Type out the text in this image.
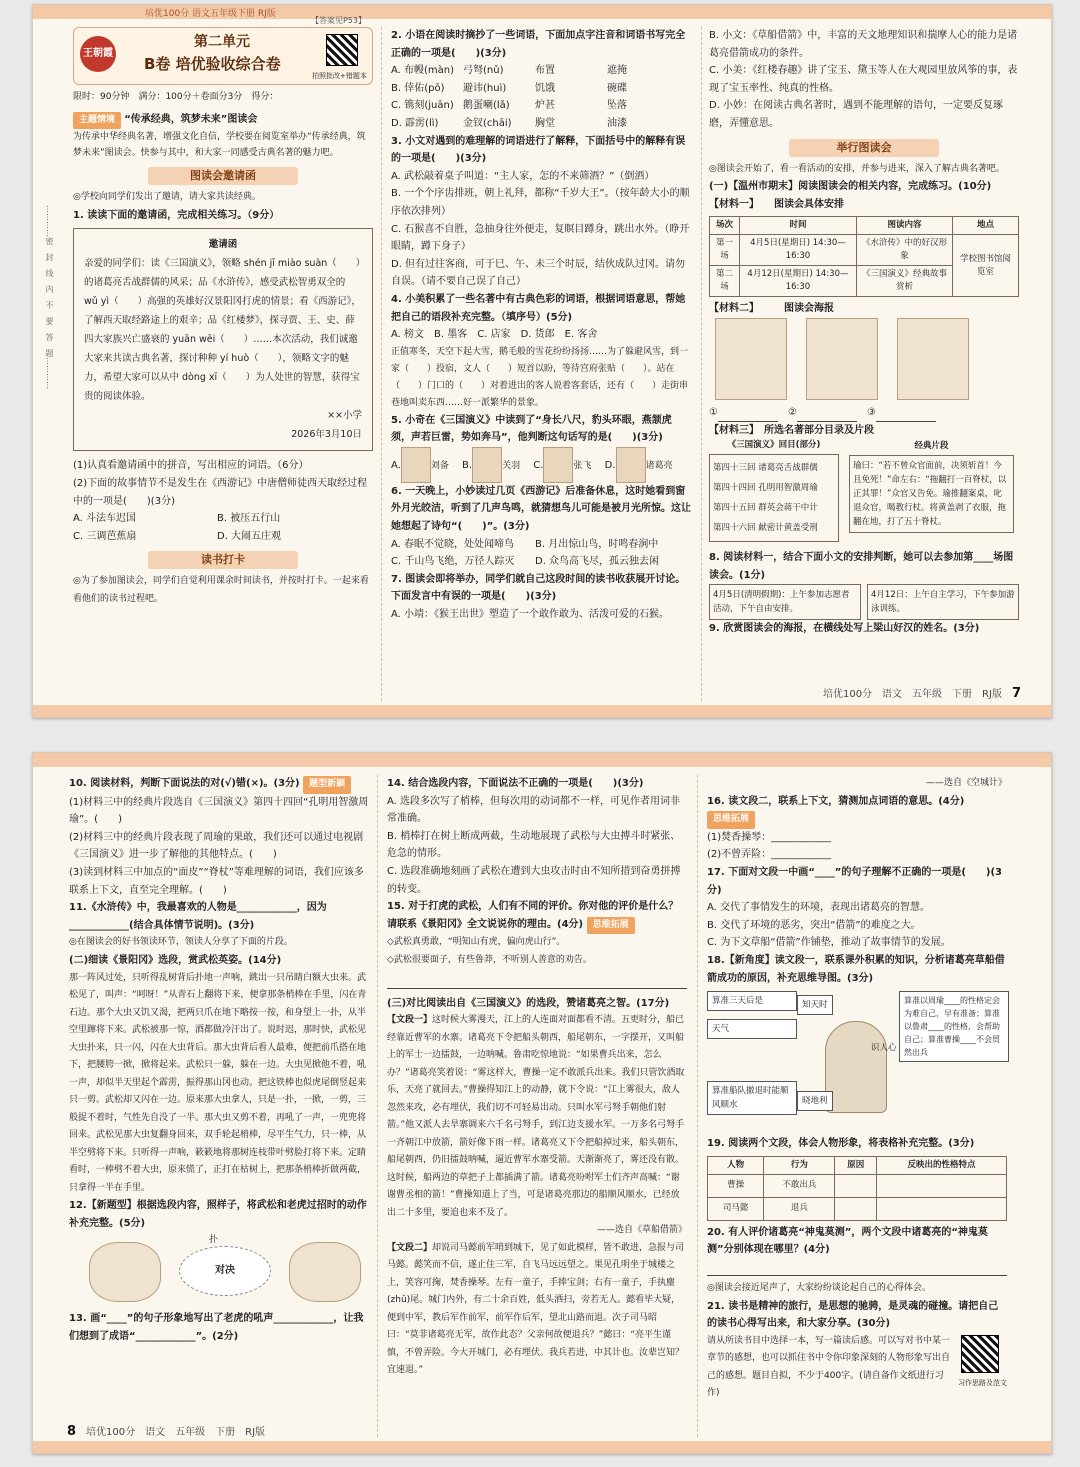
培优100分 语文五年级下册 RJ版
…………密　封　线　内　不　要　答　题…………
【答案见P53】
王朝霞
第二单元
B卷 培优验收综合卷
拍照批改+错题本

限时：90分钟　满分：100分＋卷面分3分　得分：

主题情境 “传承经典，筑梦未来”图读会

为传承中华经典名著，增强文化自信，学校要在阅览室举办“传承经典，筑梦未来”图读会。快参与其中，和大家一同感受古典名著的魅力吧。

图读会邀请函

◎学校向同学们发出了邀请，请大家共读经典。

1. 读读下面的邀请函，完成相关练习。（9分）

邀请函
亲爱的同学们：读《三国演义》，领略 shén jī miào suàn（　　）的诸葛亮舌战群儒的风采；品《水浒传》，感受武松智勇双全的 wǔ yì（　　）高强的英雄好汉景阳冈打虎的情景；看《西游记》，了解西天取经路途上的艰辛；品《红楼梦》，探寻贾、王、史、薛四大家族兴亡盛衰的 yuān wēi（　　）……本次活动，我们诚邀大家来共读古典名著，探讨种种 yí huò（　　），领略文字的魅力，希望大家可以从中 dòng xī（　　）为人处世的智慧，获得宝贵的阅读体验。
××小学
2026年3月10日

(1)认真看邀请函中的拼音，写出相应的词语。（6分）

(2)下面的故事情节不是发生在《西游记》中唐僧师徒西天取经过程中的一项是(　　)(3分)

A. 斗法车迟国	B. 被压五行山 C. 三调芭蕉扇	D. 大闹五庄观

读书打卡

◎为了参加图读会，同学们自觉利用课余时间读书，并按时打卡。一起来看看他们的读书过程吧。

2. 小语在阅读时摘抄了一些词语，下面加点字注音和词语书写完全正确的一项是(　　)(3分)

A. 布幔(màn) 弓弩(nǔ)	布置	遮掩

B. 倖佑(pō) 避讳(huì)	饥饿	碗碟

C. 镌刻(juān) 鹅蛋喇(lǎ)	炉甚	坠落

D. 霹雳(lì) 金钗(chāi) 胸堂	油漆

3. 小文对遇到的难理解的词语进行了解释，下面括号中的解释有误的一项是(　　)(3分)

A. 武松敲着桌子叫道：“主人家，怎的不来筛酒？”（倒酒）

B. 一个个序齿排班，朝上礼拜，都称“千岁大王”。（按年龄大小的顺序依次排列）

C. 石猴喜不自胜，急抽身往外便走，复瞑目蹲身，跳出水外。（睁开眼睛，蹲下身子）

D. 但有过往客商，可于巳、午、未三个时辰，结伙成队过冈。请勿自误。（请不要自己误了自己）

4. 小美积累了一些名著中有古典色彩的词语，根据词语意思，帮她把自己的语段补充完整。（填序号）(5分)

A. 榜文　 B. 墨客　 C. 店家　 D. 货郎　 E. 客舍

正值寒冬，天空下起大雪，鹅毛般的雪花纷纷扬扬……为了躲避风雪，到一家（　　）投宿，文人（　　）短首以盼，等待宫府张贴（　　）。站在（　　）门口的（　　）对着进出的客人说着客套话，还有（　　）走街串巷地叫卖东西……好一派繁华的景象。

5. 小奇在《三国演义》中读到了“身长八尺，豹头环眼，燕颔虎须，声若巨雷，势如奔马”，他判断这句话写的是(　　)(3分)

A.	刘备　 B.	关羽　 C.	张飞　 D.	诸葛亮

6. 一天晚上，小妙读过几页《西游记》后准备休息，这时她看到窗外月光皎洁，听到了几声鸟鸣，就猜想鸟儿可能是被月光所惊。这让她想起了诗句“(　　)”。(3分)

A. 春眠不觉晓，处处闻啼鸟 B. 月出惊山鸟，时鸣春涧中

C. 千山鸟飞绝，万径人踪灭 D. 众鸟高飞尽，孤云独去闲

7. 图读会即将举办，同学们就自己这段时间的读书收获展开讨论。下面发言中有误的一项是(　　)(3分)

A. 小靖：《猴王出世》塑造了一个敢作敢为、活泼可爱的石猴。

B. 小文：《草船借箭》中，丰富的天文地理知识和揣摩人心的能力是诸葛亮借箭成功的条件。

C. 小美：《红楼春趣》讲了宝玉、黛玉等人在大观园里放风筝的事，表现了宝玉率性、纯真的性格。

D. 小妙：在阅读古典名著时，遇到不能理解的语句，一定要反复琢磨，弄懂意思。

举行图读会

◎图读会开始了，看一看活动的安排，并参与进来，深入了解古典名著吧。

(一)【温州市期末】阅读图读会的相关内容，完成练习。(10分)

【材料一】　　 图读会具体安排

场次	时间	图读内容	地点
第一场	4月5日(星期日) 14:30—16:30	《水浒传》中的好汉形象	学校图书馆阅览室
第二场	4月12日(星期日) 14:30—16:30	《三国演义》经典故事赏析	

【材料二】　　　	图读会海报

①　	②　	③

【材料三】　 所选名著部分目录及片段

《三国演义》回目(部分)
第四十三回 诸葛亮舌战群儒
第四十四回 孔明用智激周瑜
第四十五回 群英会蒋干中计
第四十六回 献密计黄盖受刑
经典片段
瑜曰：“若不曾众官面前，决须斩首！今且免死！”命左右：“拖翻打一百脊杖，以正其罪！”众官又告免。瑜推翻案桌，叱退众官，喝教行杖。将黄盖剥了衣服，拖翻在地，打了五十脊杖。

8. 阅读材料一，结合下面小文的安排判断，她可以去参加第____场图读会。(1分)

4月5日(清明假期)：上午参加志愿者活动，下午自由安排。
4月12日：上午自主学习，下午参加游泳训练。

9. 欣赏图读会的海报，在横线处写上梁山好汉的姓名。(3分)

培优100分　语文　五年级　下册　RJ版　 7

10. 阅读材料，判断下面说法的对(√)错(×)。(3分) 题型新颖

(1)材料三中的经典片段选自《三国演义》第四十四回“孔明用智激周瑜”。(　　)

(2)材料三中的经典片段表现了周瑜的果敢，我们还可以通过电视剧《三国演义》进一步了解他的其他特点。(　　)

(3)读到材料三中加点的“面皮”“脊杖”等难理解的词语，我们应该多联系上下文，直至完全理解。(　　)

11.《水浒传》中，我最喜欢的人物是____________，因为____________(结合具体情节说明)。(3分)

◎在图读会的好书领读环节，领读人分享了下面的片段。

(二)细读《景阳冈》选段，赏武松英姿。(14分)

那一阵风过处，只听得乱树背后扑地一声响，跳出一只吊睛白额大虫来。武松见了，叫声：“呵呀！”从青石上翻将下来，便拿那条梢棒在手里，闪在青石边。那个大虫又饥又渴，把两只爪在地下略按一按，和身望上一扑，从半空里蹿将下来。武松被那一惊，酒都做冷汗出了。说时迟，那时快，武松见大虫扑来，只一闪，闪在大虫背后。那大虫背后看人最难，便把前爪搭在地下，把腰胯一掀，掀将起来。武松只一躲，躲在一边。大虫见掀他不着，吼一声，却似半天里起个霹雳，振得那山冈也动。把这铁棒也似虎尾倒竖起来只一剪。武松却又闪在一边。原来那大虫拿人，只是一扑，一掀，一剪，三般捉不着时，气性先自没了一半。那大虫又剪不着，再吼了一声，一兜兜将回来。武松见那大虫复翻身回来，双手轮起梢棒，尽平生气力，只一棒，从半空劈将下来。只听得一声响，簌簌地将那树连枝带叶劈脸打将下来。定睛看时，一棒劈不着大虫，原来慌了，正打在枯树上，把那条梢棒折做两截，只拿得一半在手里。

12.【新题型】根据选段内容，照样子，将武松和老虎过招时的动作补充完整。(5分)

对决
扑

13. 画“____”的句子形象地写出了老虎的吼声____________，让我们想到了成语“____________”。(2分)

14. 结合选段内容，下面说法不正确的一项是(　　)(3分)

A. 选段多次写了梢棒，但每次用的动词都不一样，可见作者用词非常准确。

B. 梢棒打在树上断成两截，生动地展现了武松与大虫搏斗时紧张、危急的情形。

C. 选段准确地刻画了武松在遭到大虫攻击时由不知所措到奋勇拼搏的转变。

15. 对于打虎的武松，人们有不同的评价。你对他的评价是什么？请联系《景阳冈》全文说说你的理由。(4分) 思维拓展

◇武松真勇敢，“明知山有虎，偏向虎山行”。

◇武松很要面子，有些鲁莽，不听别人善意的劝告。

(三)对比阅读出自《三国演义》的选段，赞诸葛亮之智。(17分)

【文段一】这时候大雾漫天，江上的人连面对面都看不清。五更时分，船已经靠近曹军的水寨。诸葛亮下令把船头朝西，船尾朝东，一字摆开，又叫船上的军士一边擂鼓，一边呐喊。鲁肃吃惊地说：“如果曹兵出来，怎么办？”诸葛亮笑着说：“雾这样大，曹操一定不敢派兵出来。我们只管饮酒取乐，天亮了就回去。”曹操得知江上的动静，就下令说：“江上雾很大，敌人忽然来攻，必有埋伏，我们切不可轻易出动。只叫水军弓弩手朝他们射箭。”他又派人去旱寨调来六千名弓弩手，到江边支援水军。一万多名弓弩手一齐朝江中放箭，箭好像下雨一样。诸葛亮又下令把船掉过来，船头朝东，船尾朝西，仍旧擂鼓呐喊，逼近曹军水寨受箭。天渐渐亮了，雾还没有散。这时候，船两边的草把子上都插满了箭。诸葛亮吩咐军士们齐声高喊：“谢谢曹丞相的箭！”曹操知道上了当，可是诸葛亮那边的船顺风顺水，已经放出二十多里，要追也来不及了。

——选自《草船借箭》

【文段二】却说司马懿前军哨到城下，见了如此模样，皆不敢进，急报与司马懿。懿笑而不信，遂止住三军，自飞马远远望之。果见孔明坐于城楼之上，笑容可掬，焚香操琴。左有一童子，手捧宝剑；右有一童子，手执麈(zhǔ)尾。城门内外，有二十余百姓，低头洒扫，旁若无人。懿看毕大疑，便到中军，教后军作前军，前军作后军，望北山路而退。次子司马昭曰：“莫非诸葛亮无军，故作此态？父亲何故便退兵？”懿曰：“亮平生谨慎，不曾弄险。今大开城门，必有埋伏。我兵若进，中其计也。汝辈岂知？宜速退。”

——选自《空城计》

16. 读文段二，联系上下文，猜测加点词语的意思。(4分) 思维拓展

(1)焚香操琴：____________

(2)不曾弄险：____________

17. 下面对文段一中画“____”的句子理解不正确的一项是(　　)(3分)

A. 交代了事情发生的环境，表现出诸葛亮的智慧。

B. 交代了环境的恶劣，突出“借箭”的难度之大。

C. 为下文草船“借箭”作铺垫，推动了故事情节的发展。

18.【新角度】读文段一，联系课外积累的知识，分析诸葛亮草船借箭成功的原因，补充思维导图。(3分)

算准三天后是
天气
知天时
识人心
算准以周瑜____的性格定会为难自己，早有准备；算准以鲁肃____的性格，会帮助自己；算准曹操____不会贸然出兵
算准船队撤退时能顺风顺水	晓地利

19. 阅读两个文段，体会人物形象，将表格补充完整。(3分)

人物	行为	原因	反映出的性格特点
曹操	不敢出兵		
司马懿	退兵		

20. 有人评价诸葛亮“神鬼莫测”，两个文段中诸葛亮的“神鬼莫测”分别体现在哪里？(4分)

◎图读会接近尾声了，大家纷纷谈论起自己的心得体会。

21. 读书是精神的旅行，是思想的驰骋，是灵魂的碰撞。请把自己的读书心得写出来，和大家分享。(30分)

请从所读书目中选择一本，写一篇读后感。可以写对书中某一章节的感想，也可以抓住书中令你印象深刻的人物形象写出自己的感想。题目自拟，不少于400字。(请自备作文纸进行习作)

习作思路及范文
8　 培优100分　语文　五年级　下册　RJ版
